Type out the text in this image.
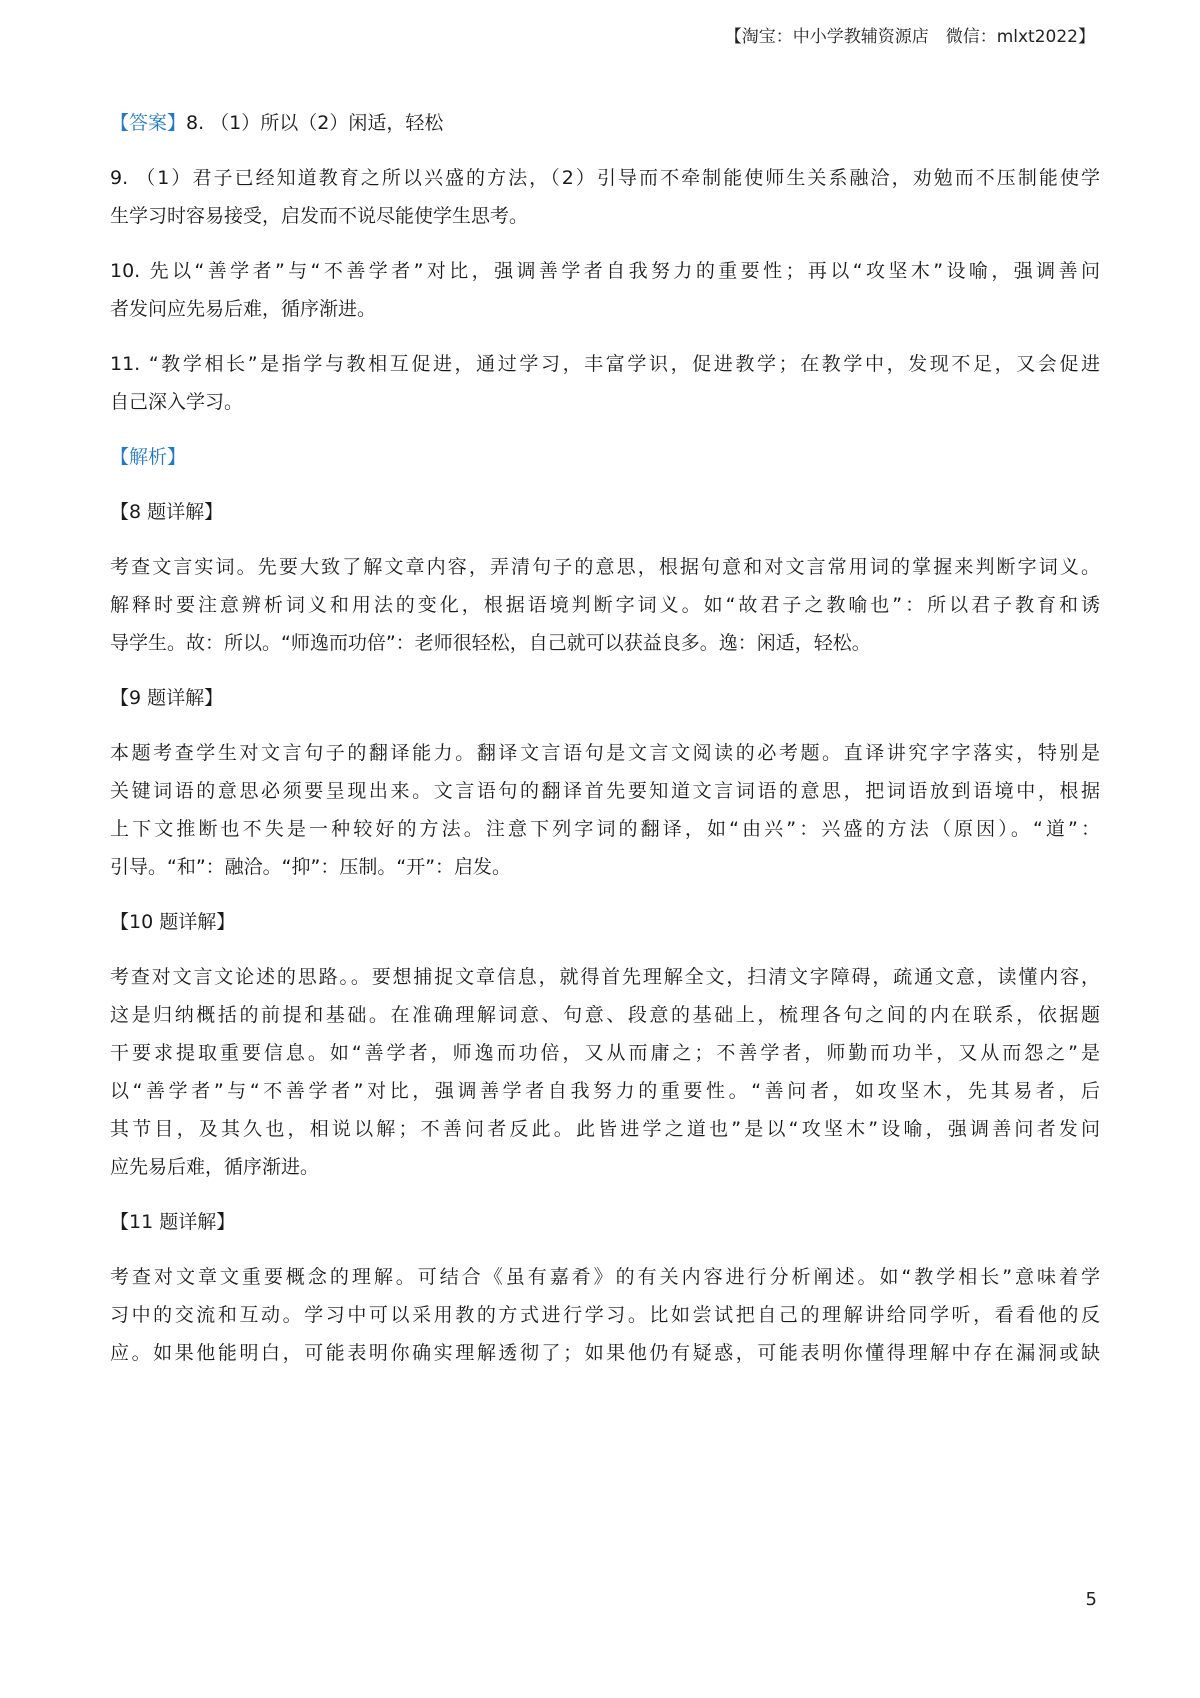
【淘宝：中小学教辅资源店　微信：mlxt2022】
【答案】8. （1）所以（2）闲适，轻松
9. （1）君子已经知道教育之所以兴盛的方法，（2）引导而不牵制能使师生关系融洽，劝勉而不压制能使学
生学习时容易接受，启发而不说尽能使学生思考。
10. 先以“善学者”与“不善学者”对比，强调善学者自我努力的重要性；再以“攻坚木”设喻，强调善问
者发问应先易后难，循序渐进。
11. “教学相长”是指学与教相互促进，通过学习，丰富学识，促进教学；在教学中，发现不足，又会促进
自己深入学习。
【解析】
【8 题详解】
考查文言实词。先要大致了解文章内容，弄清句子的意思，根据句意和对文言常用词的掌握来判断字词义。
解释时要注意辨析词义和用法的变化，根据语境判断字词义。如“故君子之教喻也”：所以君子教育和诱
导学生。故：所以。“师逸而功倍”：老师很轻松，自己就可以获益良多。逸：闲适，轻松。
【9 题详解】
本题考查学生对文言句子的翻译能力。翻译文言语句是文言文阅读的必考题。直译讲究字字落实，特别是
关键词语的意思必须要呈现出来。文言语句的翻译首先要知道文言词语的意思，把词语放到语境中，根据
上下文推断也不失是一种较好的方法。注意下列字词的翻译，如“由兴”：兴盛的方法（原因）。“道”：
引导。“和”：融洽。“抑”：压制。“开”：启发。
【10 题详解】
考查对文言文论述的思路。。要想捕捉文章信息，就得首先理解全文，扫清文字障碍，疏通文意，读懂内容，
这是归纳概括的前提和基础。在准确理解词意、句意、段意的基础上，梳理各句之间的内在联系，依据题
干要求提取重要信息。如“善学者，师逸而功倍，又从而庸之；不善学者，师勤而功半，又从而怨之”是
以“善学者”与“不善学者”对比，强调善学者自我努力的重要性。“善问者，如攻坚木，先其易者，后
其节目，及其久也，相说以解；不善问者反此。此皆进学之道也”是以“攻坚木”设喻，强调善问者发问
应先易后难，循序渐进。
【11 题详解】
考查对文章文重要概念的理解。可结合《虽有嘉肴》的有关内容进行分析阐述。如“教学相长”意味着学
习中的交流和互动。学习中可以采用教的方式进行学习。比如尝试把自己的理解讲给同学听，看看他的反
应。如果他能明白，可能表明你确实理解透彻了；如果他仍有疑惑，可能表明你懂得理解中存在漏洞或缺
5
